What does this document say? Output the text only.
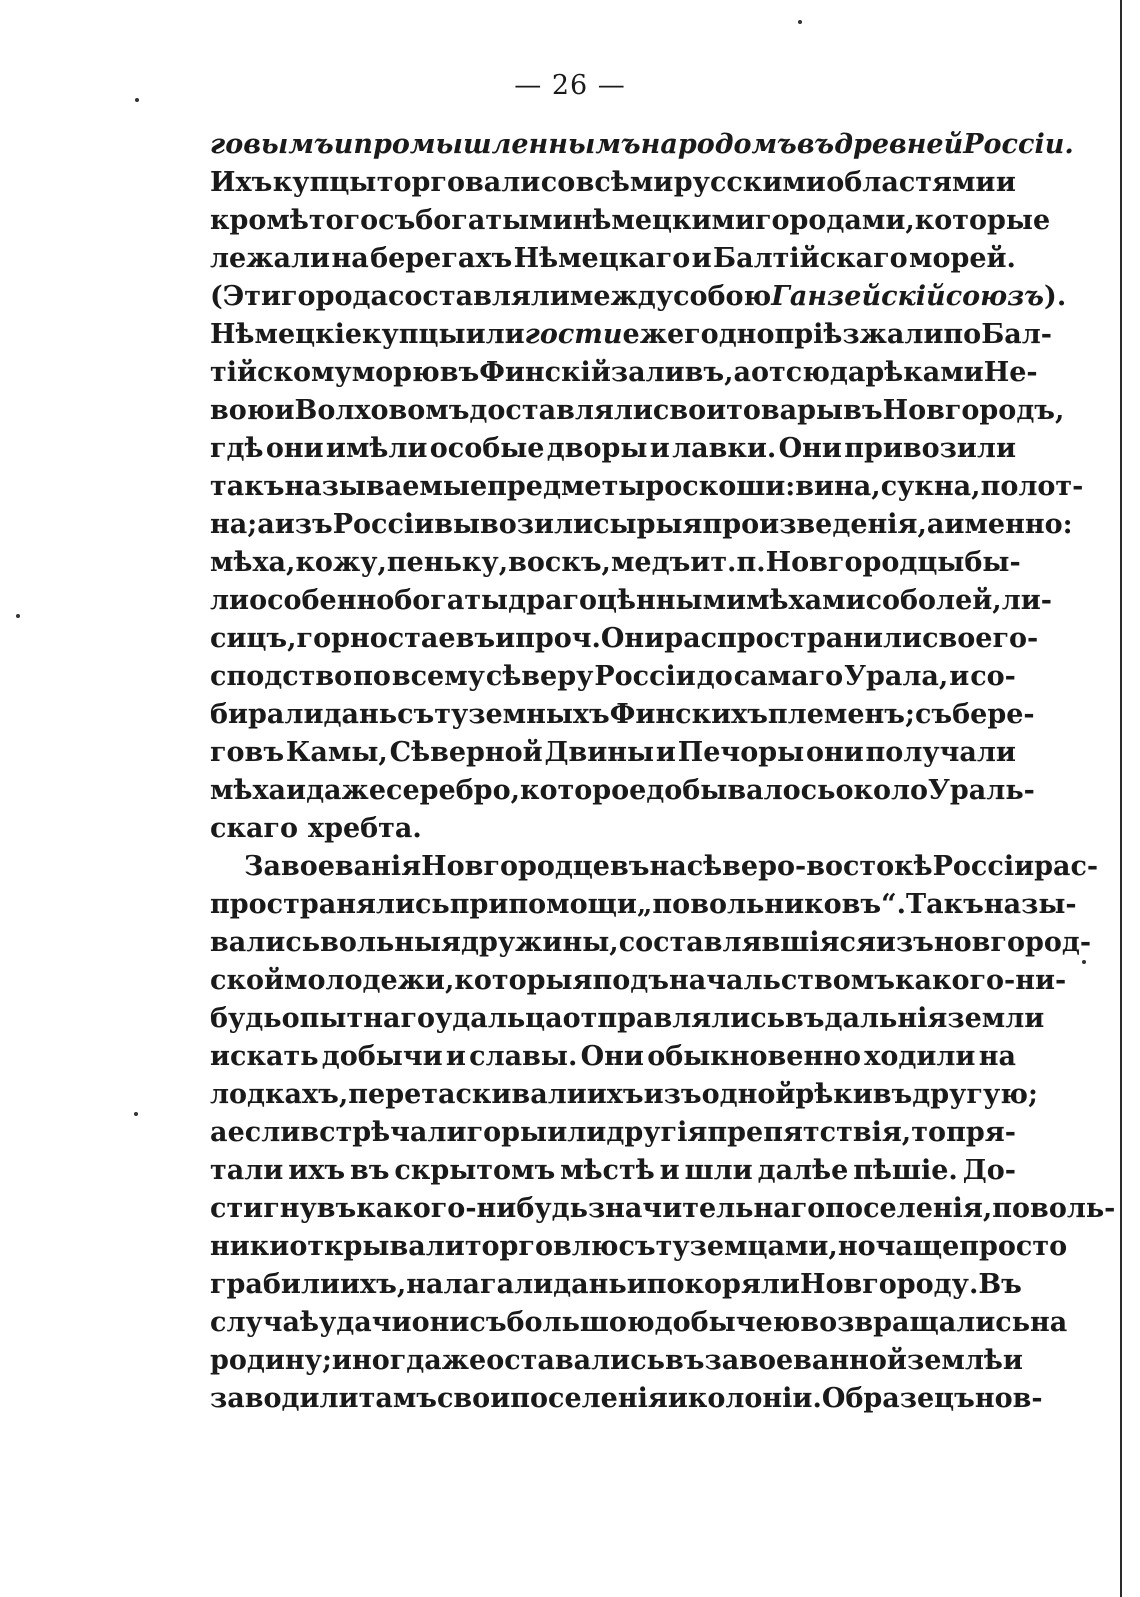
— 26 —
говымъ и промышленнымъ народомъ въ древней Россіи.
Ихъ купцы торговали со всѣми русскими областями и
кромѣ того съ богатыми нѣмецкими городами, которые
лежали на берегахъ Нѣмецкаго и Балтійскаго морей.
(Эти города составляли между собою Ганзейскій союзъ ).
Нѣмецкіе купцы или гости ежегодно пріѣзжали по Бал-
тійскому морю въ Финскій заливъ, а отсюда рѣками Не-
вою и Волховомъ доставляли свои товары въ Новгородъ,
гдѣ они имѣли особые дворы и лавки. Они привозили
такъ называемые предметы роскоши: вина, сукна, полот-
на; а изъ Россіи вывозили сырыя произведенія, а именно:
мѣха, кожу, пеньку, воскъ, медъ и т. п. Новгородцы бы-
ли особенно богаты драгоцѣнными мѣхами соболей, ли-
сицъ, горностаевъ и проч. Они распространили свое го-
сподство по всему сѣверу Россіи до самаго Урала, и со-
бирали дань съ туземныхъ Финскихъ племенъ; съ бере-
говъ Камы, Сѣверной Двины и Печоры они получали
мѣха и даже серебро, которое добывалось около Ураль-
скаго хребта.
Завоеванія Новгородцевъ на сѣверо-востокѣ Россіи рас-
пространялись при помощи „повольниковъ“. Такъ назы-
вались вольныя дружины, составлявшіяся изъ новгород-
ской молодежи, которыя подъ начальствомъ какого-ни-
будь опытнаго удальца отправлялись въ дальнія земли
искать добычи и славы. Они обыкновенно ходили на
лодкахъ, перетаскивали ихъ изъ одной рѣки въ другую;
а если встрѣчали горы или другія препятствія, то пря-
тали ихъ въ скрытомъ мѣстѣ и шли далѣе пѣшіе. До-
стигнувъ какого-нибудь значительнаго поселенія, поволь-
ники открывали торговлю съ туземцами, но чаще просто
грабили ихъ, налагали дань и покоряли Новгороду. Въ
случаѣ удачи они съ большою добычею возвращались на
родину; иногда же оставались въ завоеванной землѣ и
заводили тамъ свои поселенія и колоніи. Образецъ нов-
